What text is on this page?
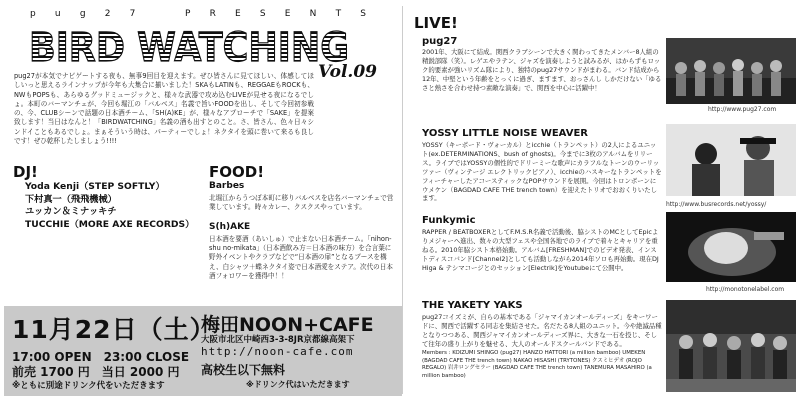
p u g 2 7	P R E S E N T S
BIRD WATCHING
Vol.09
pug27が本気でナビゲートする夜も、無事9回目を迎えます。ぜひ皆さんに見てほしい、体感してほしいっと思えるラインナップが今年も大集合に揃いました！SKAもLATINも、REGGAEもROCKも、NWもPOPSも、あらゆるグッドミュージックと、様々な武器で攻め込むLIVEが見せる夜になるでしょ。本町のバーマンチェが、今回も堀江の「バルベス」名義で旨いFOODを出し、そして今回初参戦の、今、CLUBシーンで話題の日本酒チーム、「SH(A)KE」が、様々なアプローチで「SAKE」を提案致します！当日はなんと！「BIRDWATCHING」名義の酒も出すとのこと。さ、皆さん、色々日々シンドイこともあるでしょ。まぁそういう時は、パーティーでしょ！ネクタイを頭に巻いて来るも良しです！ぜひ乾杯したしましょう!!!!
DJ!
Yoda Kenji（STEP SOFTLY）
下村真一（飛飛機械）
ユッカン＆ミナッキチ
TUCCHIE（MORE AXE RECORDS）
FOOD!
Barbes
北堀江からうつぼ本町に移りバルベスを店名バーマンチェで営業しています。時々カレー、クスクスやっています。
S(h)AKE
日本酒を要酒（あいしゅ）で止まない日本酒チーム。「nihon-shu no-mikata」（日本酒飲み方＝日本酒の味方）を合言葉に野外イベントやクラブなどで“日本酒の扉”となるブースを構え、白シャツ＋蝶ネクタイ姿で日本酒愛をステア。次代の日本酒フォロワーを獲得中！！
11月22日（土）
17:00 OPEN　23:00 CLOSE
前売 1700 円　当日 2000 円
※ともに別途ドリンク代をいただきます
梅田NOON+CAFE
大阪市北区中崎西3-3-8JR京都線高架下
http://noon-cafe.com
高校生以下無料
※ドリンク代はいただきます
LIVE!
pug27
2001年、大阪にて結成。関西クラブシーンで大きく関わってきたメンバー8人組の精鋭部隊（笑）。レゲエやラテン、ジャズを演奏しようと試みるが、はからずもロック的要素が強いリズム隊により、独特のpug27サウンドがまわる。バンド結成から12年、中堅という年齢をとっくに過ぎ、ますます、おっさんし しかだけない「ゆるさと熱さを合わせ持つ素敵な演奏」で、関西を中心に活躍中！
http://www.pug27.com
YOSSY LITTLE NOISE WEAVER
YOSSY（キーボード・ヴォーカル）とicchie（トランペット）の2人によるユニット(ex.DETERMINATIONS、bush of ghosts)。今までに3枚のアルバムをリリース。ライブではYOSSYの個性的でドリーミーな歌声にカラフルなトーンのウーリッツァー（ヴィンテージ エレクトリックピアノ）、icchieのハスキーなトランペットをフィーチャーしたアコースティックなPOPサウンドを展開。今回はトロンボーンにウメケン（BAGDAD CAFE THE trench town）を迎えたトリオでおおくりいたします。
http://www.busrecords.net/yossy/
Funkymic
RAPPER / BEATBOXERとしてF.M.S.R名義で活動後、脇シストのMCとしてEpicよりメジャーへ進出、数々の大型フェスや全国各地でのライブで着々とキャリアを重ねる。2010年脇シスト本格始動。アルバム[FRESHMAN]でのビデオ発表、インストディスコバンド[Channel2]としても活動しながら2014年ソロも再始動。現在DJ Higa & テシマコージとのセッション[Electrik]をYoutubeにて公開中。
http://monotonelabel.com
THE YAKETY YAKS
pug27コイズミが、自らの基本である「ジャマイカンオールディーズ」をキーワードに、関西で活躍する同志を集結させた。名だたる8人組のユニット。今や絶滅品種となりつつある、関西ジャマイカンオールディーズ界に、大きな一石を投じ、そして往年の盛り上がりを魅せる、大人のオールドスクールバンドである。
Members : KOIZUMI SHINGO (pug27) HANZO HATTORI (a million bamboo) UMEKEN (BAGDAD CAFE THE trench town) NAKAO HISASHI (TRYTONES) クスミヒデオ (ROJO REGALO) 岩井ロングセラー (BAGDAD CAFE THE trench town) TANEMURA MASAHIRO (a million bamboo)
